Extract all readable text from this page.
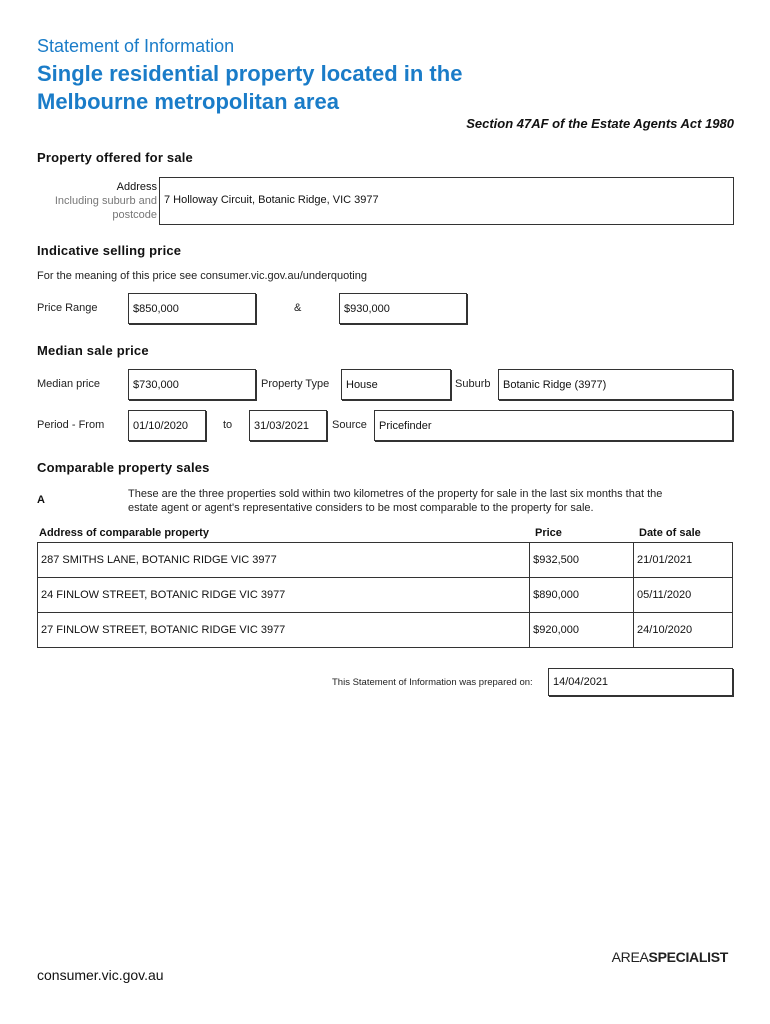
Statement of Information
Single residential property located in the
Melbourne metropolitan area
Section 47AF of the Estate Agents Act 1980
Property offered for sale
Address
Including suburb and
postcode
7 Holloway Circuit, Botanic Ridge, VIC 3977
Indicative selling price
For the meaning of this price see consumer.vic.gov.au/underquoting
Price Range	$850,000	&	$930,000
Median sale price
Median price	$730,000	Property Type	House	Suburb	Botanic Ridge (3977)
Period - From	01/10/2020	to	31/03/2021	Source	Pricefinder
Comparable property sales
A	These are the three properties sold within two kilometres of the property for sale in the last six months that the
estate agent or agent's representative considers to be most comparable to the property for sale.
Address of comparable property	Price	Date of sale
287 SMITHS LANE, BOTANIC RIDGE VIC 3977	$932,500	21/01/2021
24 FINLOW STREET, BOTANIC RIDGE VIC 3977	$890,000	05/11/2020
27 FINLOW STREET, BOTANIC RIDGE VIC 3977	$920,000	24/10/2020
This Statement of Information was prepared on:	14/04/2021
AREASPECIALIST
consumer.vic.gov.au
